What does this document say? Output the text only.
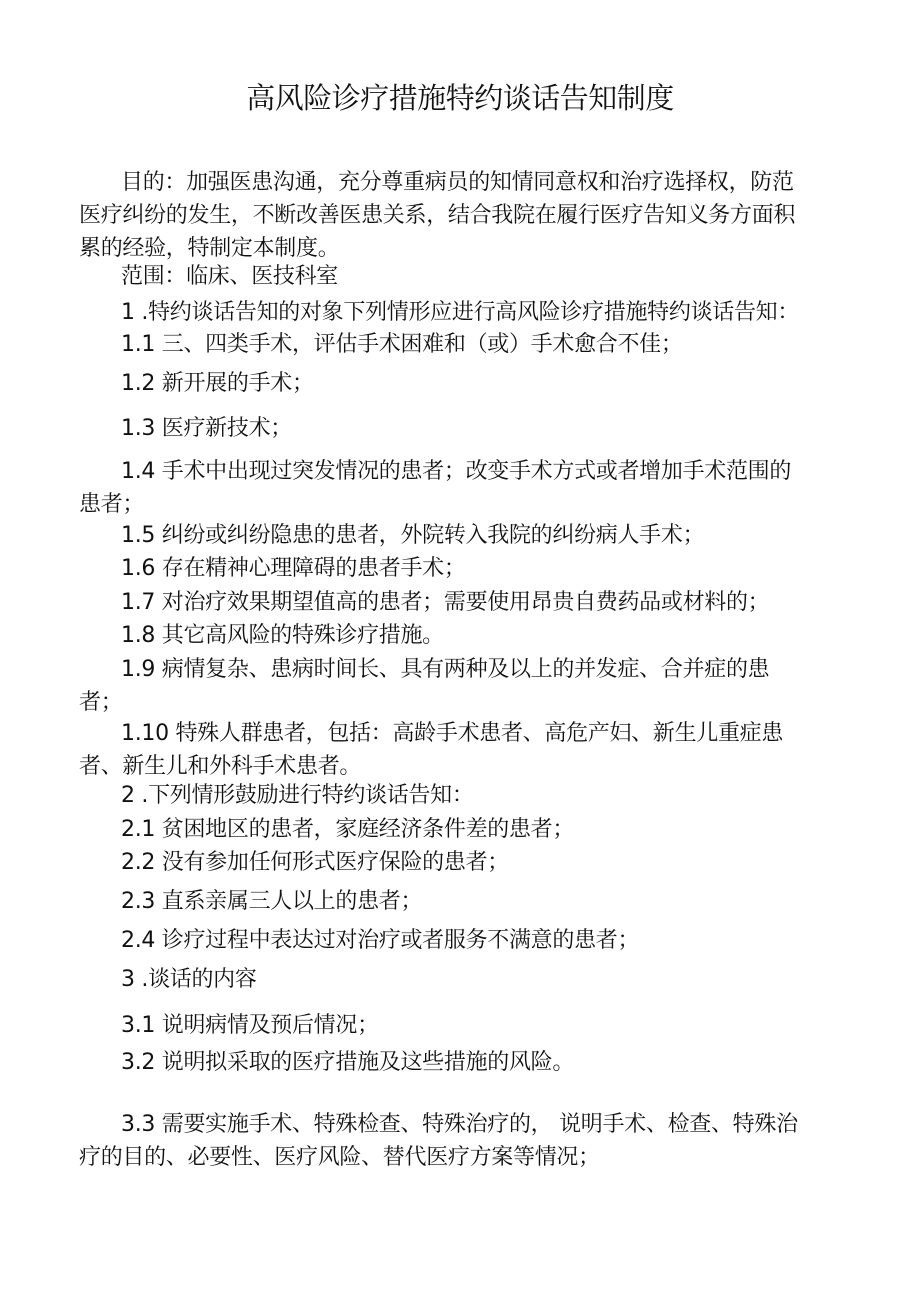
高风险诊疗措施特约谈话告知制度
目的：加强医患沟通，充分尊重病员的知情同意权和治疗选择权，防范
医疗纠纷的发生，不断改善医患关系，结合我院在履行医疗告知义务方面积
累的经验，特制定本制度。
范围：临床、医技科室
1 .特约谈话告知的对象下列情形应进行高风险诊疗措施特约谈话告知：
1.1 三、四类手术，评估手术困难和（或）手术愈合不佳；
1.2 新开展的手术；
1.3 医疗新技术；
1.4 手术中出现过突发情况的患者；改变手术方式或者增加手术范围的
患者；
1.5 纠纷或纠纷隐患的患者，外院转入我院的纠纷病人手术；
1.6 存在精神心理障碍的患者手术；
1.7 对治疗效果期望值高的患者；需要使用昂贵自费药品或材料的；
1.8 其它高风险的特殊诊疗措施。
1.9 病情复杂、患病时间长、具有两种及以上的并发症、合并症的患
者；
1.10 特殊人群患者，包括：高龄手术患者、高危产妇、新生儿重症患
者、新生儿和外科手术患者。
2 .下列情形鼓励进行特约谈话告知：
2.1 贫困地区的患者，家庭经济条件差的患者；
2.2 没有参加任何形式医疗保险的患者；
2.3 直系亲属三人以上的患者；
2.4 诊疗过程中表达过对治疗或者服务不满意的患者；
3 .谈话的内容
3.1 说明病情及预后情况；
3.2 说明拟采取的医疗措施及这些措施的风险。
3.3 需要实施手术、特殊检查、特殊治疗的， 说明手术、检查、特殊治
疗的目的、必要性、医疗风险、替代医疗方案等情况；
